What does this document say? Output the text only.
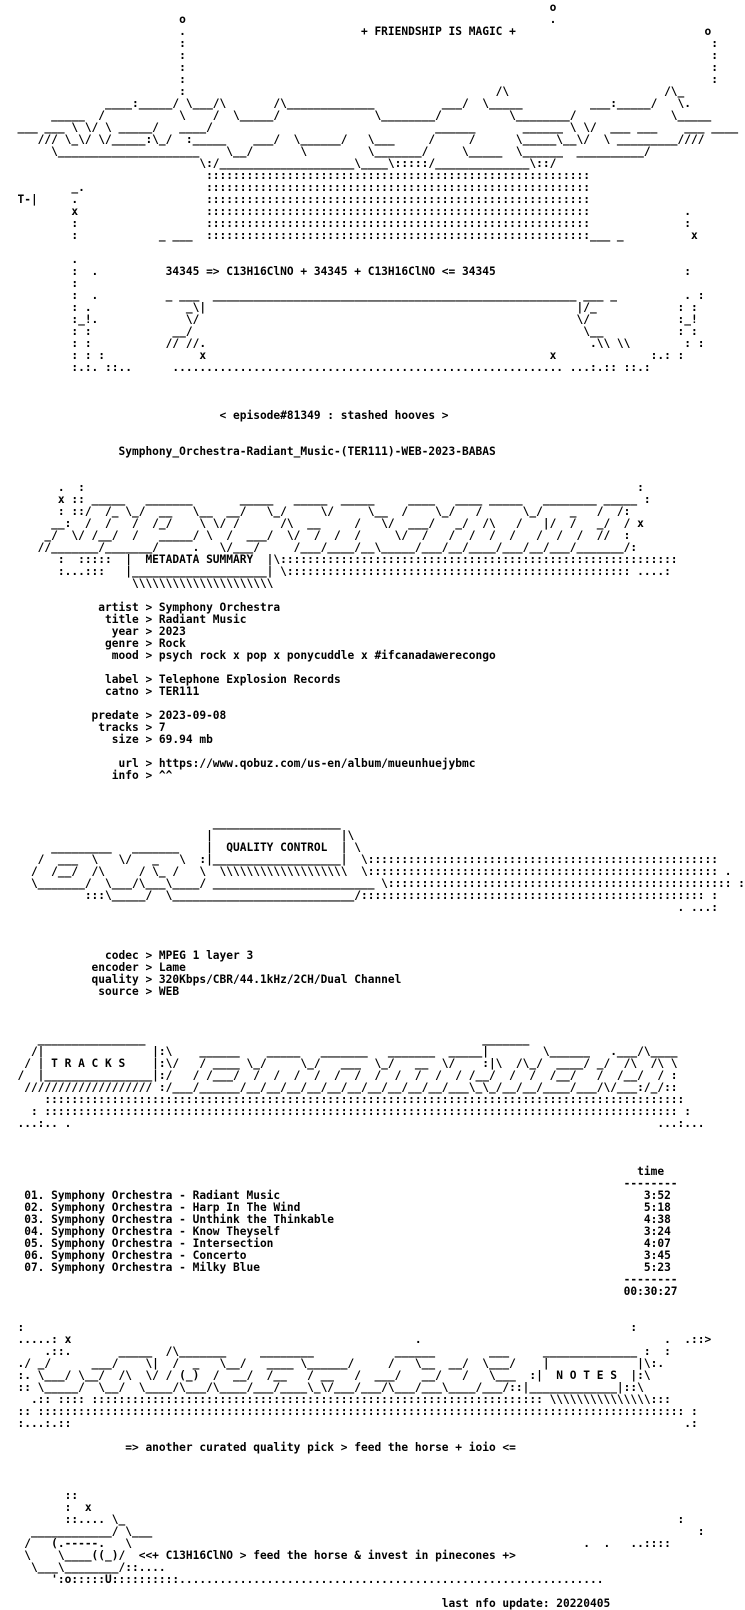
o
o                                                      .
.                          + FRIENDSHIP IS MAGIC +                            o
:                                                                              :
:                                                                              :
:                                                                              :
:                                                                              :
:                                              /\                       /\_
____:_____/ \___/\       /\_____________          ___/  \_____          ___:_____/   \.
_____  /           \    /  \_____/              \________/          \________/              \_____
___ ___ \ \/ \ _____/   ____/                                 ______       ______ \ \/  ___ ___    ___ ____
/// \_\/ \/_____:\_/  :_____    ___/  \______/   \___     /     /      \_____\__\/  \ _________////
\_____________________    \__/       \         \_______/     \_____  \______  __________/
\:/____________________\____\:::::/______________\::/
:::::::::::::::::::::::::::::::::::::::::::::::::::::::::
_.                  :::::::::::::::::::::::::::::::::::::::::::::::::::::::::
T-|     .                   :::::::::::::::::::::::::::::::::::::::::::::::::::::::::
x                   :::::::::::::::::::::::::::::::::::::::::::::::::::::::::              .
:                   :::::::::::::::::::::::::::::::::::::::::::::::::::::::::              :
:            _ ___  :::::::::::::::::::::::::::::::::::::::::::::::::::::::::___ _          x
.
:  .          34345 => C13H16ClNO + 34345 + C13H16ClNO <= 34345                            :
:
:  .          _ ___  ______________________________________________________ ___ _          . :
: .              _\|                                                       |/_            : :
:_!.             \/                                                        \/             :_!
: :            __/                                                          \__           : :
: :           // //.                                                         .\\ \\        : :
: : :              x                                                   x              :.: :
:.:. ::..      .......................................................... ...:.:: ::.:
< episode#81349 : stashed hooves >
Symphony_Orchestra-Radiant_Music-(TER111)-WEB-2023-BABAS
.  :                                                                                  :
x :: _____   _______       _____   _____  _____     ____   ____ _____   ________ _____ :
: ::/  /_ \_/  __   \__  __/   \_/     \/     \__  /    \_/   /      \_/    _   /  /:
__:  /  /   /  /_/    \ \/ /      /\  __     /   \/  ___/   _/  /\   /   |/  /   _/  / x
_/  \/ /__/  /   _____/ \  /  ___/  \/  /  /  /     \/  /   /  /  /  /   /  /  /  //  :
//_______/_______/     .   \/___/     /___/____/__\_____/___/__/____/___/__/___/_______/:
:  :::::  |  METADATA SUMMARY  |\:::::::::::::::::::::::::::::::::::::::::::::::::::::::::::
:...:::   |____________________| \::::::::::::::::::::::::::::::::::::::::::::::::::: ....:
\\\\\\\\\\\\\\\\\\\\\
artist > Symphony Orchestra
title > Radiant Music
year > 2023
genre > Rock
mood > psych rock x pop x ponycuddle x #ifcanadawerecongo
label > Telephone Explosion Records
catno > TER111
predate > 2023-09-08
tracks > 7
size > 69.94 mb
url > https://www.qobuz.com/us-en/album/mueunhuejybmc
info > ^^
___________________
|                   |\
_________   _______    |  QUALITY CONTROL  | \
/  ___  \   \/   _   \  :|___________________|  \::::::::::::::::::::::::::::::::::::::::::::::::::::
/  /__/  /\     / \_ /   \  \\\\\\\\\\\\\\\\\\\  \:::::::::::::::::::::::::::::::::::::::::::::::::::: .
\_______/  \___/\___\____/ ________________________ \::::::::::::::::::::::::::::::::::::::::::::::::::: :
:::\_____/  \___________________________/::::::::::::::::::::::::::::::::::::::::::::::::::: :
. ...:
codec > MPEG 1 layer 3
encoder > Lame
quality > 320Kbps/CBR/44.1kHz/2CH/Dual Channel
source > WEB
________________                                                  _______
/|                |:\    ______    _____   _______   _______  _____|        \______   .___/\____
/ | T R A C K S    |:\/   / ____ \_/     \_/   ___  \_/   __  \/    :|\  /\_/  ____/ _/  /\  /\ \
/  |________________|:/   / /___/  /  /  /  /  /  /  /  /  /  /  / /__/  /  /  /__/   /  /__/  / :
/////////////////// :/___/______/__/__/__/__/__/__/__/__/__/__/___\_\_/__/__/____/___/\/___:/_/::
:::::::::::::::::::::::::::::::::::::::::::::::::::::::::::::::::::::::::::::::::::::::::::::::
: :::::::::::::::::::::::::::::::::::::::::::::::::::::::::::::::::::::::::::::::::::::::::::::: :
...:.. .                                                                                       ...:...
time
--------
01. Symphony Orchestra - Radiant Music                                                      3:52
02. Symphony Orchestra - Harp In The Wind                                                   5:18
03. Symphony Orchestra - Unthink the Thinkable                                              4:38
04. Symphony Orchestra - Know Theyself                                                      3:24
05. Symphony Orchestra - Intersection                                                       4:07
06. Symphony Orchestra - Concerto                                                           3:45
07. Symphony Orchestra - Milky Blue                                                         5:23
--------
00:30:27
:                                                                                          :
.....: x                                                   .                                    .  .::>
.::.       _____  /\_______     ________            ______        ___     ______________ :  :
./ _/      ___/    \|  /  _   \__/   ____ \______/     /   \__  __/  \___/    |             |\:.
:. \___/ \__/  /\  \/ / (_)  /  __/  /__   / __   /  ___/   __/   /   \___  :|  N O T E S  |:\
:: \_____/  \__/  \____/\___/\____/___/____\_\/___/___/\___/___\____/___/::|_____________|::\
.:: :::: ::::::::::::::::::::::::::::::::::::::::::::::::::::::::::::::::::: \\\\\\\\\\\\\\\:::
:: :::::::::::::::::::::::::::::::::::::::::::::::::::::::::::::::::::::::::::::::::::::::::::::::: :
:...:.::                                                                                           .:
=> another curated quality pick > feed the horse + ioio <=
::
:  x
::.... \_                                                                                  :
____________/ \___                                                                                 :
/   (.-----.   \                                                                   .  .   ..::::
\    \____((_)/  <<+ C13H16ClNO > feed the horse & invest in pinecones +>
\___\________/::....
':o:::::U::::::::::...............................................................
last nfo update: 20220405
